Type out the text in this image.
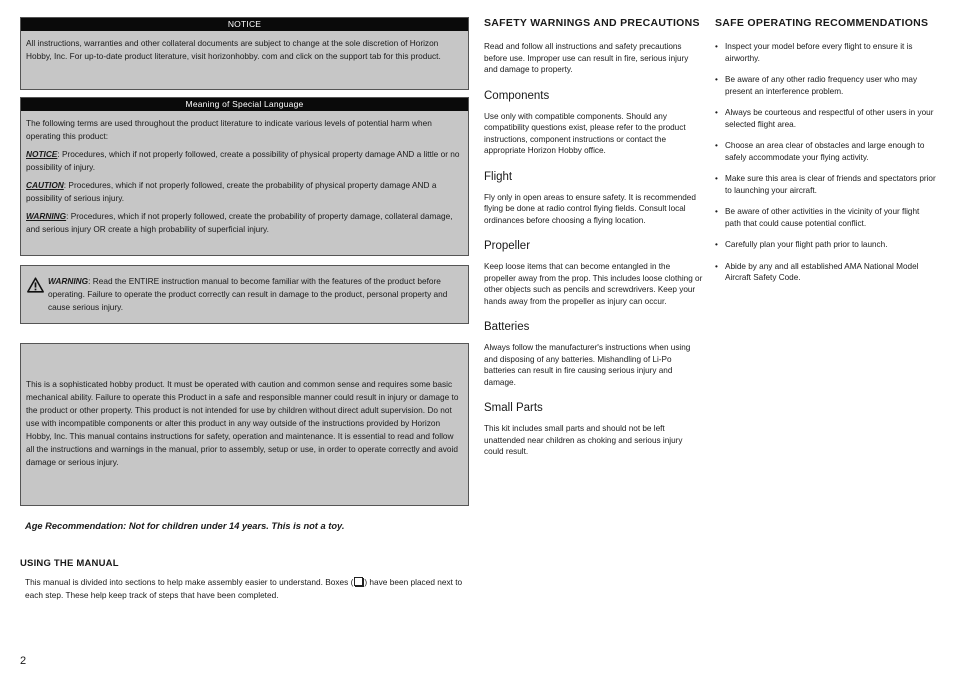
NOTICE

All instructions, warranties and other collateral documents are subject to change at the sole discretion of Horizon Hobby, Inc. For up-to-date product literature, visit horizonhobby. com and click on the support tab for this product.

Meaning of Special Language

The following terms are used throughout the product literature to indicate various levels of potential harm when operating this product:

NOTICE: Procedures, which if not properly followed, create a possibility of physical property damage AND a little or no possibility of injury.

CAUTION: Procedures, which if not properly followed, create the probability of physical property damage AND a possibility of serious injury.

WARNING: Procedures, which if not properly followed, create the probability of property damage, collateral damage, and serious injury OR create a high probability of superficial injury.

WARNING: Read the ENTIRE instruction manual to become familiar with the features of the product before operating. Failure to operate the product correctly can result in damage to the product, personal property and cause serious injury.

This is a sophisticated hobby product. It must be operated with caution and common sense and requires some basic mechanical ability. Failure to operate this Product in a safe and responsible manner could result in injury or damage to the product or other property. This product is not intended for use by children without direct adult supervision. Do not use with incompatible components or alter this product in any way outside of the instructions provided by Horizon Hobby, Inc. This manual contains instructions for safety, operation and maintenance. It is essential to read and follow all the instructions and warnings in the manual, prior to assembly, setup or use, in order to operate correctly and avoid damage or serious injury.

Age Recommendation: Not for children under 14 years. This is not a toy.
USING THE MANUAL
This manual is divided into sections to help make assembly easier to understand. Boxes ( ) have been placed next to each step. These help keep track of steps that have been completed.
2
SAFETY WARNINGS AND PRECAUTIONS

Read and follow all instructions and safety precautions before use. Improper use can result in fire, serious injury and damage to property.

Components

Use only with compatible components. Should any compatibility questions exist, please refer to the product instructions, component instructions or contact the appropriate Horizon Hobby office.

Flight

Fly only in open areas to ensure safety. It is recommended flying be done at radio control flying fields. Consult local ordinances before choosing a flying location.

Propeller

Keep loose items that can become entangled in the propeller away from the prop. This includes loose clothing or other objects such as pencils and screwdrivers. Keep your hands away from the propeller as injury can occur.

Batteries

Always follow the manufacturer's instructions when using and disposing of any batteries. Mishandling of Li-Po batteries can result in fire causing serious injury and damage.

Small Parts

This kit includes small parts and should not be left unattended near children as choking and serious injury could result.

SAFE OPERATING RECOMMENDATIONS
• Inspect your model before every flight to ensure it is airworthy.
• Be aware of any other radio frequency user who may present an interference problem.
• Always be courteous and respectful of other users in your selected flight area.
• Choose an area clear of obstacles and large enough to safely accommodate your flying activity.
• Make sure this area is clear of friends and spectators prior to launching your aircraft.
• Be aware of other activities in the vicinity of your flight path that could cause potential conflict.
• Carefully plan your flight path prior to launch.
• Abide by any and all established AMA National Model Aircraft Safety Code.
